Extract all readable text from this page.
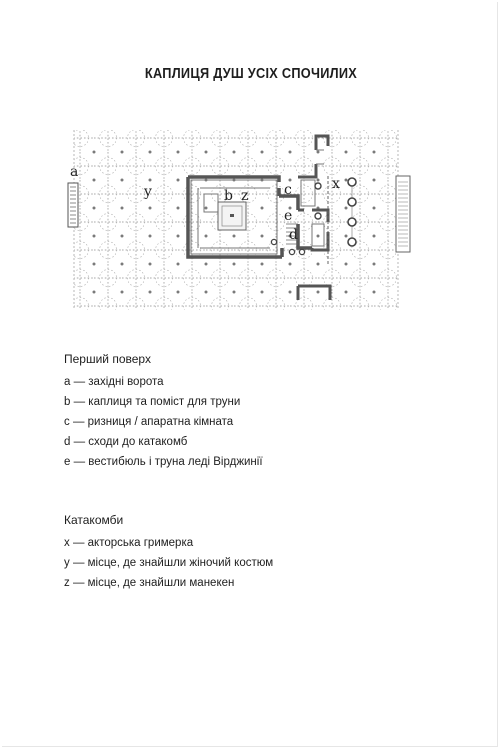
КАПЛИЦЯ ДУШ УСІХ СПОЧИЛИХ
a
y	b z	c
e
d
x
Перший поверх
a — західні ворота
b — каплиця та поміст для труни
c — ризниця / апаратна кімната
d — сходи до катакомб
e — вестибюль і труна леді Вірджинії
Катакомби
x — акторська гримерка
y — місце, де знайшли жіночий костюм
z — місце, де знайшли манекен
